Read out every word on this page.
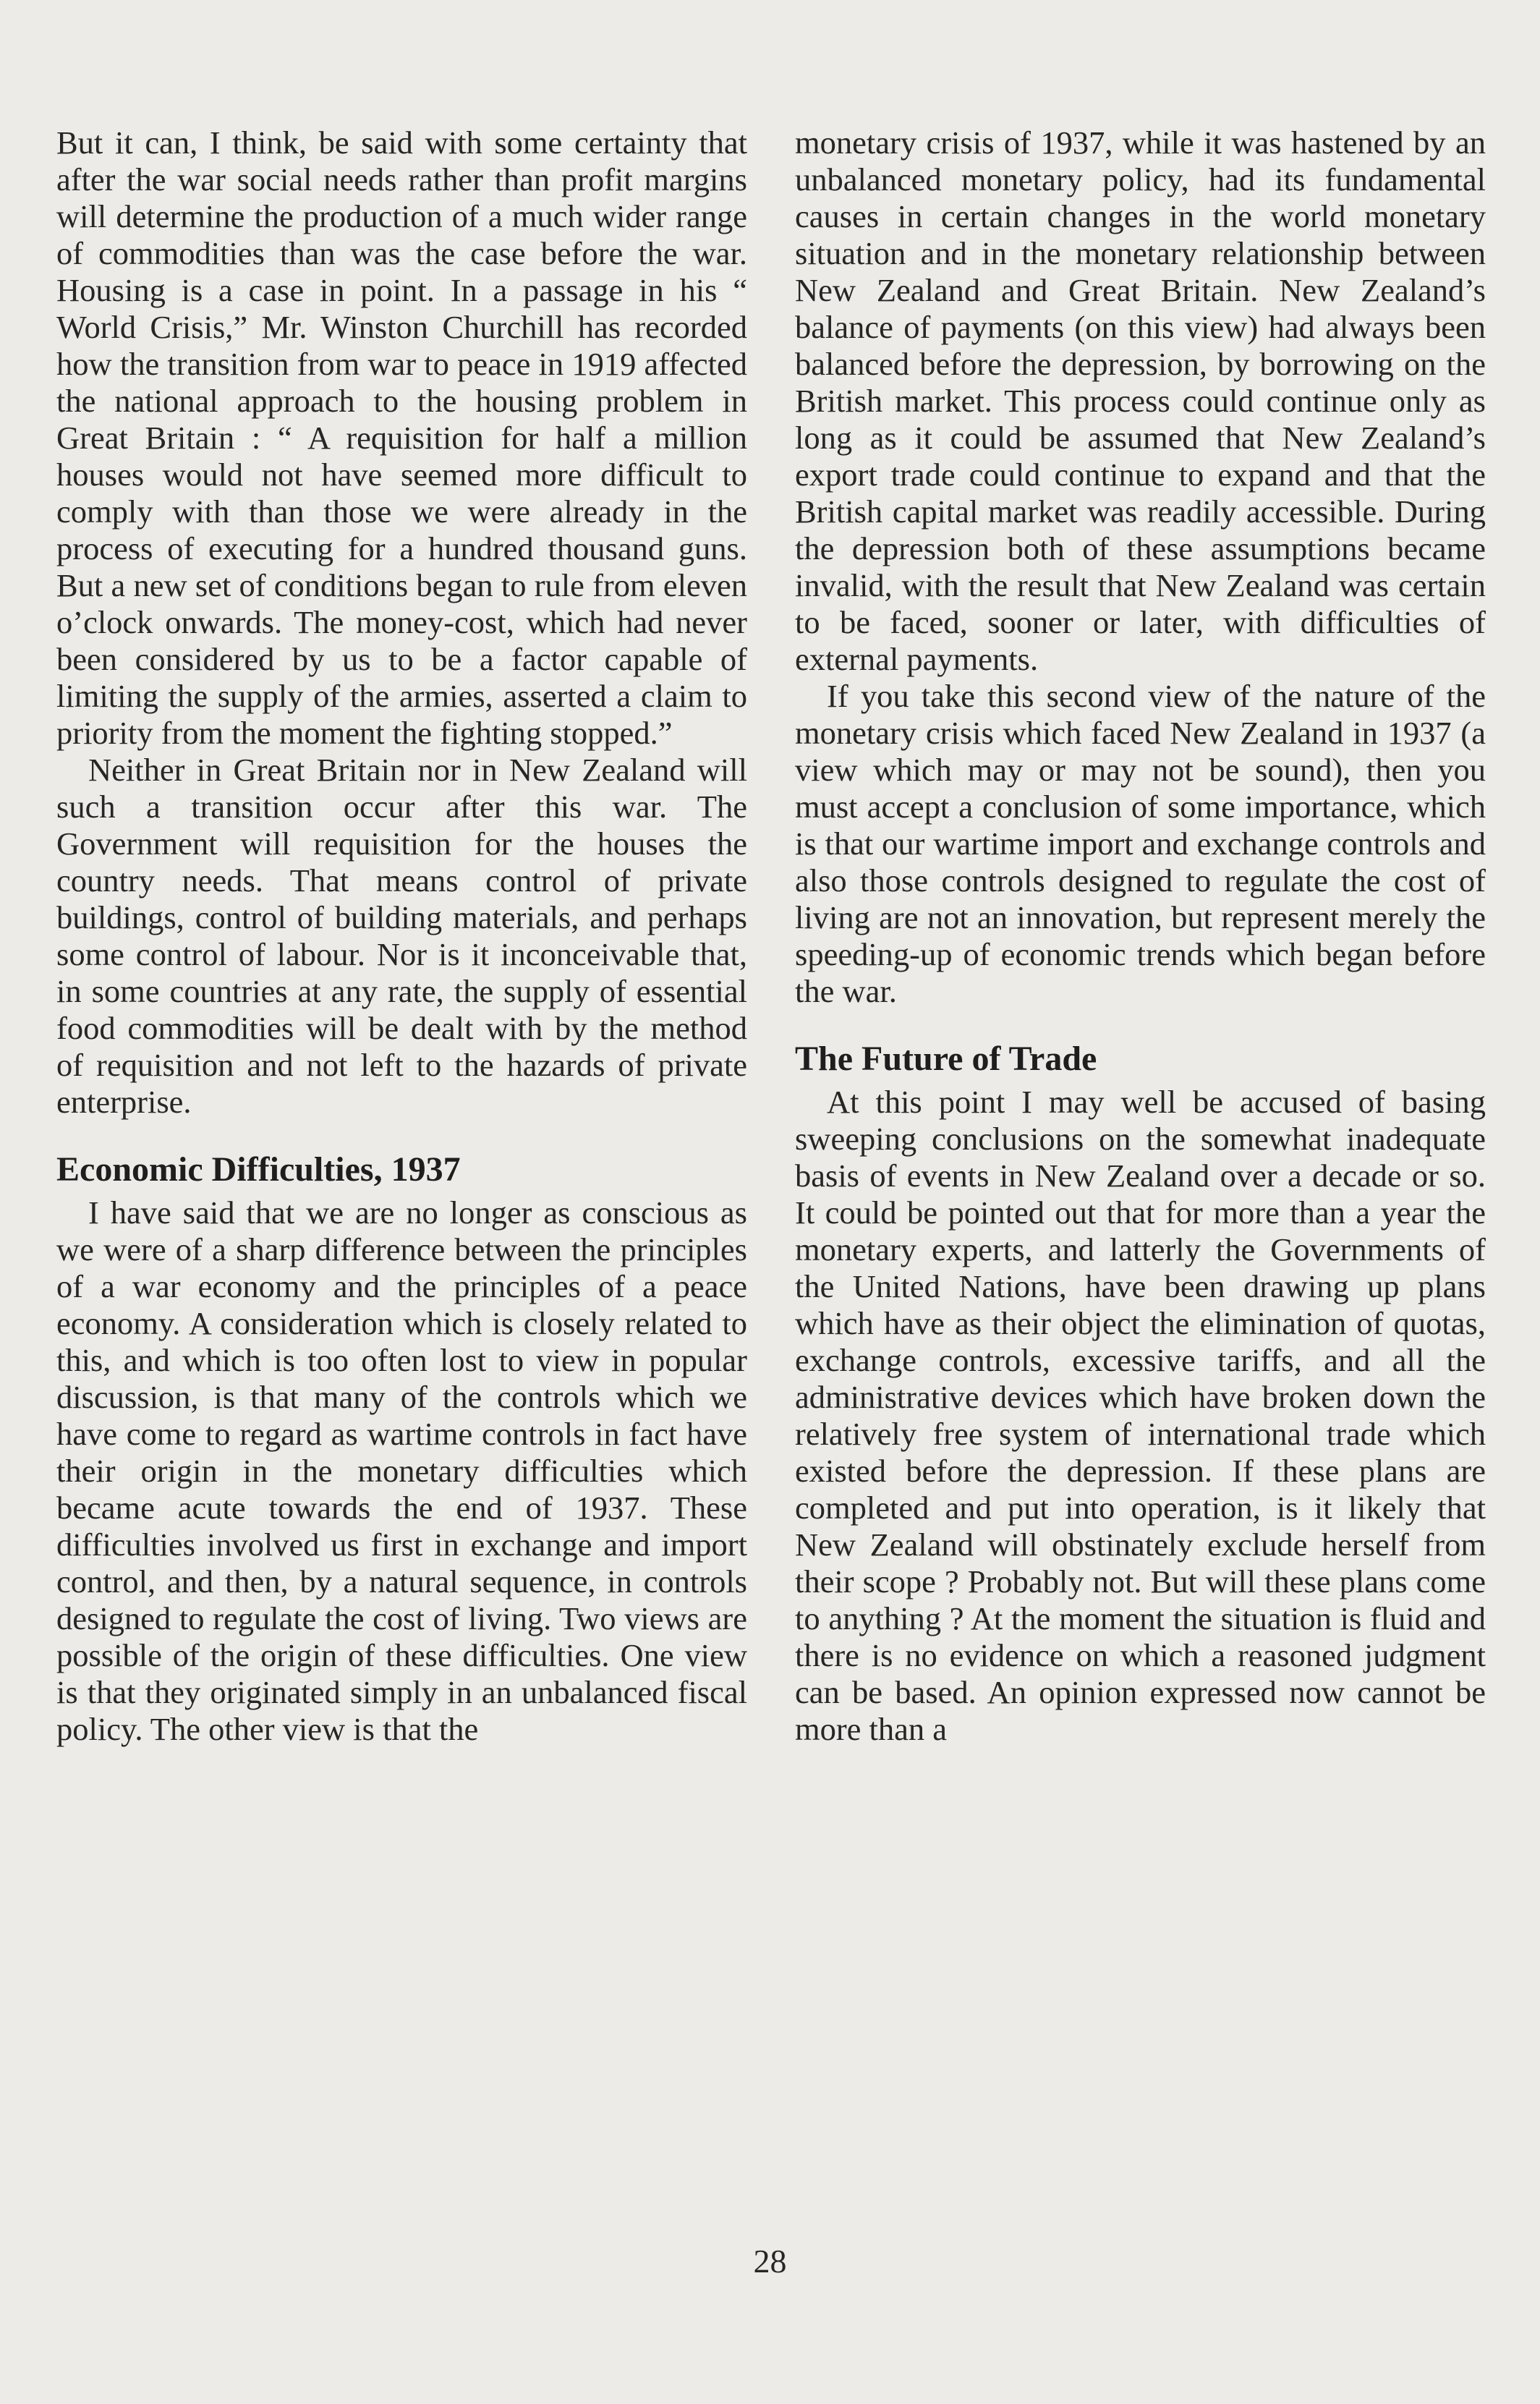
But it can, I think, be said with some certainty that after the war social needs rather than profit margins will determine the production of a much wider range of commodities than was the case before the war. Housing is a case in point. In a passage in his “ World Crisis,” Mr. Winston Churchill has recorded how the transition from war to peace in 1919 affected the national approach to the housing problem in Great Britain : “ A requisition for half a million houses would not have seemed more difficult to comply with than those we were already in the process of executing for a hundred thousand guns. But a new set of conditions began to rule from eleven o’clock onwards. The money-cost, which had never been considered by us to be a factor capable of limiting the supply of the armies, asserted a claim to priority from the moment the fighting stopped.”

Neither in Great Britain nor in New Zealand will such a transition occur after this war. The Government will requisition for the houses the country needs. That means control of private buildings, control of building materials, and perhaps some control of labour. Nor is it inconceivable that, in some countries at any rate, the supply of essential food commodities will be dealt with by the method of requisition and not left to the hazards of private enterprise.

Economic Difficulties, 1937

I have said that we are no longer as conscious as we were of a sharp difference between the principles of a war economy and the principles of a peace economy. A consideration which is closely related to this, and which is too often lost to view in popular discussion, is that many of the controls which we have come to regard as wartime controls in fact have their origin in the monetary difficulties which became acute towards the end of 1937. These difficulties involved us first in exchange and import control, and then, by a natural sequence, in controls designed to regulate the cost of living. Two views are possible of the origin of these difficulties. One view is that they originated simply in an unbalanced fiscal policy. The other view is that the

monetary crisis of 1937, while it was hastened by an unbalanced monetary policy, had its fundamental causes in certain changes in the world monetary situation and in the monetary relationship between New Zealand and Great Britain. New Zealand’s balance of payments (on this view) had always been balanced before the depression, by borrowing on the British market. This process could continue only as long as it could be assumed that New Zealand’s export trade could continue to expand and that the British capital market was readily accessible. During the depression both of these assumptions became invalid, with the result that New Zealand was certain to be faced, sooner or later, with difficulties of external payments.

If you take this second view of the nature of the monetary crisis which faced New Zealand in 1937 (a view which may or may not be sound), then you must accept a conclusion of some importance, which is that our wartime import and exchange controls and also those controls designed to regulate the cost of living are not an innovation, but represent merely the speeding-up of economic trends which began before the war.

The Future of Trade

At this point I may well be accused of basing sweeping conclusions on the somewhat inadequate basis of events in New Zealand over a decade or so. It could be pointed out that for more than a year the monetary experts, and latterly the Governments of the United Nations, have been drawing up plans which have as their object the elimination of quotas, exchange controls, excessive tariffs, and all the administrative devices which have broken down the relatively free system of international trade which existed before the depression. If these plans are completed and put into operation, is it likely that New Zealand will obstinately exclude herself from their scope ? Probably not. But will these plans come to anything ? At the moment the situation is fluid and there is no evidence on which a reasoned judgment can be based. An opinion expressed now cannot be more than a

28
